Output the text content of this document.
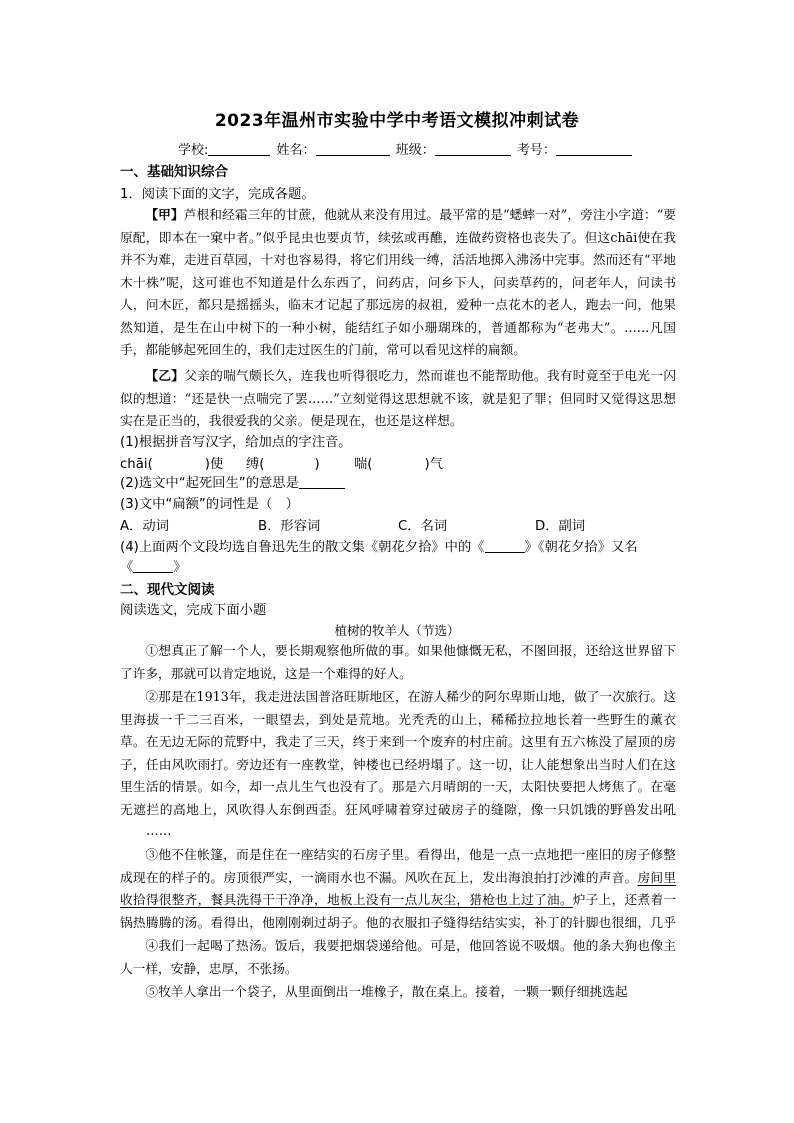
2023年温州市实验中学中考语文模拟冲刺试卷
学校:	姓名：	班级：	考号：
一、基础知识综合
1．阅读下面的文字，完成各题。
【甲】芦根和经霜三年的甘蔗，他就从来没有用过。最平常的是“蟋蟀一对”，旁注小字道：“要原配，即本在一窠中者。”似乎昆虫也要贞节，续弦或再醮，连做药资格也丧失了。但这chāi使在我并不为难，走进百草园，十对也容易得，将它们用线一缚，活活地掷入沸汤中完事。然而还有“平地木十株”呢，这可谁也不知道是什么东西了，问药店，问乡下人，问卖草药的，问老年人，问读书人，问木匠，都只是摇摇头，临末才记起了那远房的叔祖，爱种一点花木的老人，跑去一问，他果然知道，是生在山中树下的一种小树，能结红子如小珊瑚珠的，普通都称为“老弗大”。……凡国手，都能够起死回生的，我们走过医生的门前，常可以看见这样的扁额。
【乙】父亲的喘气颇长久，连我也听得很吃力，然而谁也不能帮助他。我有时竟至于电光一闪似的想道：“还是快一点喘完了罢……”立刻觉得这思想就不该，就是犯了罪；但同时又觉得这思想实在是正当的，我很爱我的父亲。便是现在，也还是这样想。
(1)根据拼音写汉字，给加点的字注音。
chāi(	)使 缚(	)	喘(	)气
(2)选文中“起死回生”的意思是
(3)文中“扁额”的词性是（　）
A．动词	B．形容词	C．名词	D．副词
(4)上面两个文段均选自鲁迅先生的散文集《朝花夕拾》中的《	》《朝花夕拾》又名
《	》
二、现代文阅读
阅读选文，完成下面小题
植树的牧羊人（节选）
①想真正了解一个人，要长期观察他所做的事。如果他慷慨无私，不图回报，还给这世界留下了许多，那就可以肯定地说，这是一个难得的好人。
②那是在1913年，我走进法国普洛旺斯地区，在游人稀少的阿尔卑斯山地，做了一次旅行。这里海拔一千二三百米，一眼望去，到处是荒地。光秃秃的山上，稀稀拉拉地长着一些野生的薰衣草。在无边无际的荒野中，我走了三天，终于来到一个废弃的村庄前。这里有五六栋没了屋顶的房子，任由风吹雨打。旁边还有一座教堂，钟楼也已经坍塌了。这一切，让人能想象出当时人们在这里生活的情景。如今，却一点儿生气也没有了。那是六月晴朗的一天，太阳快要把人烤焦了。在毫无遮拦的高地上，风吹得人东倒西歪。狂风呼啸着穿过破房子的缝隙，像一只饥饿的野兽发出吼
……
③他不住帐篷，而是住在一座结实的石房子里。看得出，他是一点一点地把一座旧的房子修整成现在的样子的。房顶很严实，一滴雨水也不漏。风吹在瓦上，发出海浪拍打沙滩的声音。房间里收拾得很整齐，餐具洗得干干净净，地板上没有一点儿灰尘，猎枪也上过了油。炉子上，还煮着一锅热腾腾的汤。看得出，他刚刚剃过胡子。他的衣服扣子缝得结结实实，补丁的针脚也很细，几乎
④我们一起喝了热汤。饭后，我要把烟袋递给他。可是，他回答说不吸烟。他的条大狗也像主人一样，安静，忠厚，不张扬。
⑤牧羊人拿出一个袋子，从里面倒出一堆橡子，散在桌上。接着，一颗一颗仔细挑选起
